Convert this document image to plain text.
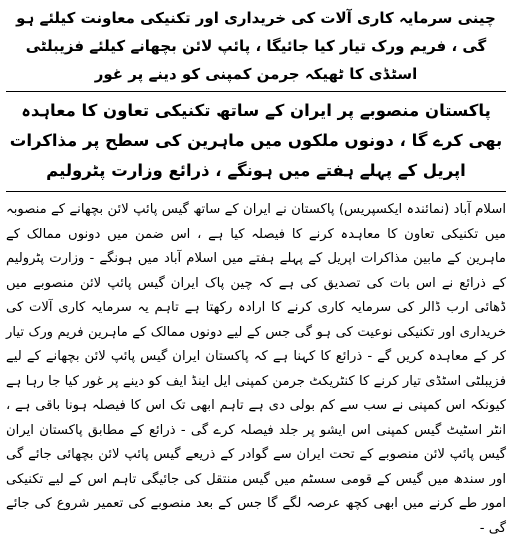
چینی سرمایہ کاری آلات کی خریداری اور تکنیکی معاونت کیلئے ہو گی ، فریم ورک تیار کیا جائیگا ، پائپ لائن بچھانے کیلئے فزیبلٹی اسٹڈی کا ٹھیکہ جرمن کمپنی کو دینے پر غور
پاکستان منصوبے پر ایران کے ساتھ تکنیکی تعاون کا معاہدہ بھی کرے گا ، دونوں ملکوں میں ماہرین کی سطح پر مذاکرات اپریل کے پہلے ہفتے میں ہونگے ، ذرائع وزارت پٹرولیم

اسلام آباد (نمائندہ ایکسپریس) پاکستان نے ایران کے ساتھ گیس پائپ لائن بچھانے کے منصوبہ میں تکنیکی تعاون کا معاہدہ کرنے کا فیصلہ کیا ہے ، اس ضمن میں دونوں ممالک کے ماہرین کے مابین مذاکرات اپریل کے پہلے ہفتے میں اسلام آباد میں ہونگے - وزارت پٹرولیم کے ذرائع نے اس بات کی تصدیق کی ہے کہ چین پاک ایران گیس پائپ لائن منصوبے میں ڈھائی ارب ڈالر کی سرمایہ کاری کرنے کا ارادہ رکھتا ہے تاہم یہ سرمایہ کاری آلات کی خریداری اور تکنیکی نوعیت کی ہو گی جس کے لیے دونوں ممالک کے ماہرین فریم ورک تیار کر کے معاہدہ کریں گے - ذرائع کا کہنا ہے کہ پاکستان ایران گیس پائپ لائن بچھانے کے لیے فزیبلٹی اسٹڈی تیار کرنے کا کنٹریکٹ جرمن کمپنی ایل اینڈ ایف کو دینے پر غور کیا جا رہا ہے کیونکہ اس کمپنی نے سب سے کم بولی دی ہے تاہم ابھی تک اس کا فیصلہ ہونا باقی ہے ، انٹر اسٹیٹ گیس کمپنی اس ایشو پر جلد فیصلہ کرے گی - ذرائع کے مطابق پاکستان ایران گیس پائپ لائن منصوبے کے تحت ایران سے گوادر کے ذریعے گیس پائپ لائن بچھائی جائے گی اور سندھ میں گیس کے قومی سسٹم میں گیس منتقل کی جائیگی تاہم اس کے لیے تکنیکی امور طے کرنے میں ابھی کچھ عرصہ لگے گا جس کے بعد منصوبے کی تعمیر شروع کی جائے گی -
